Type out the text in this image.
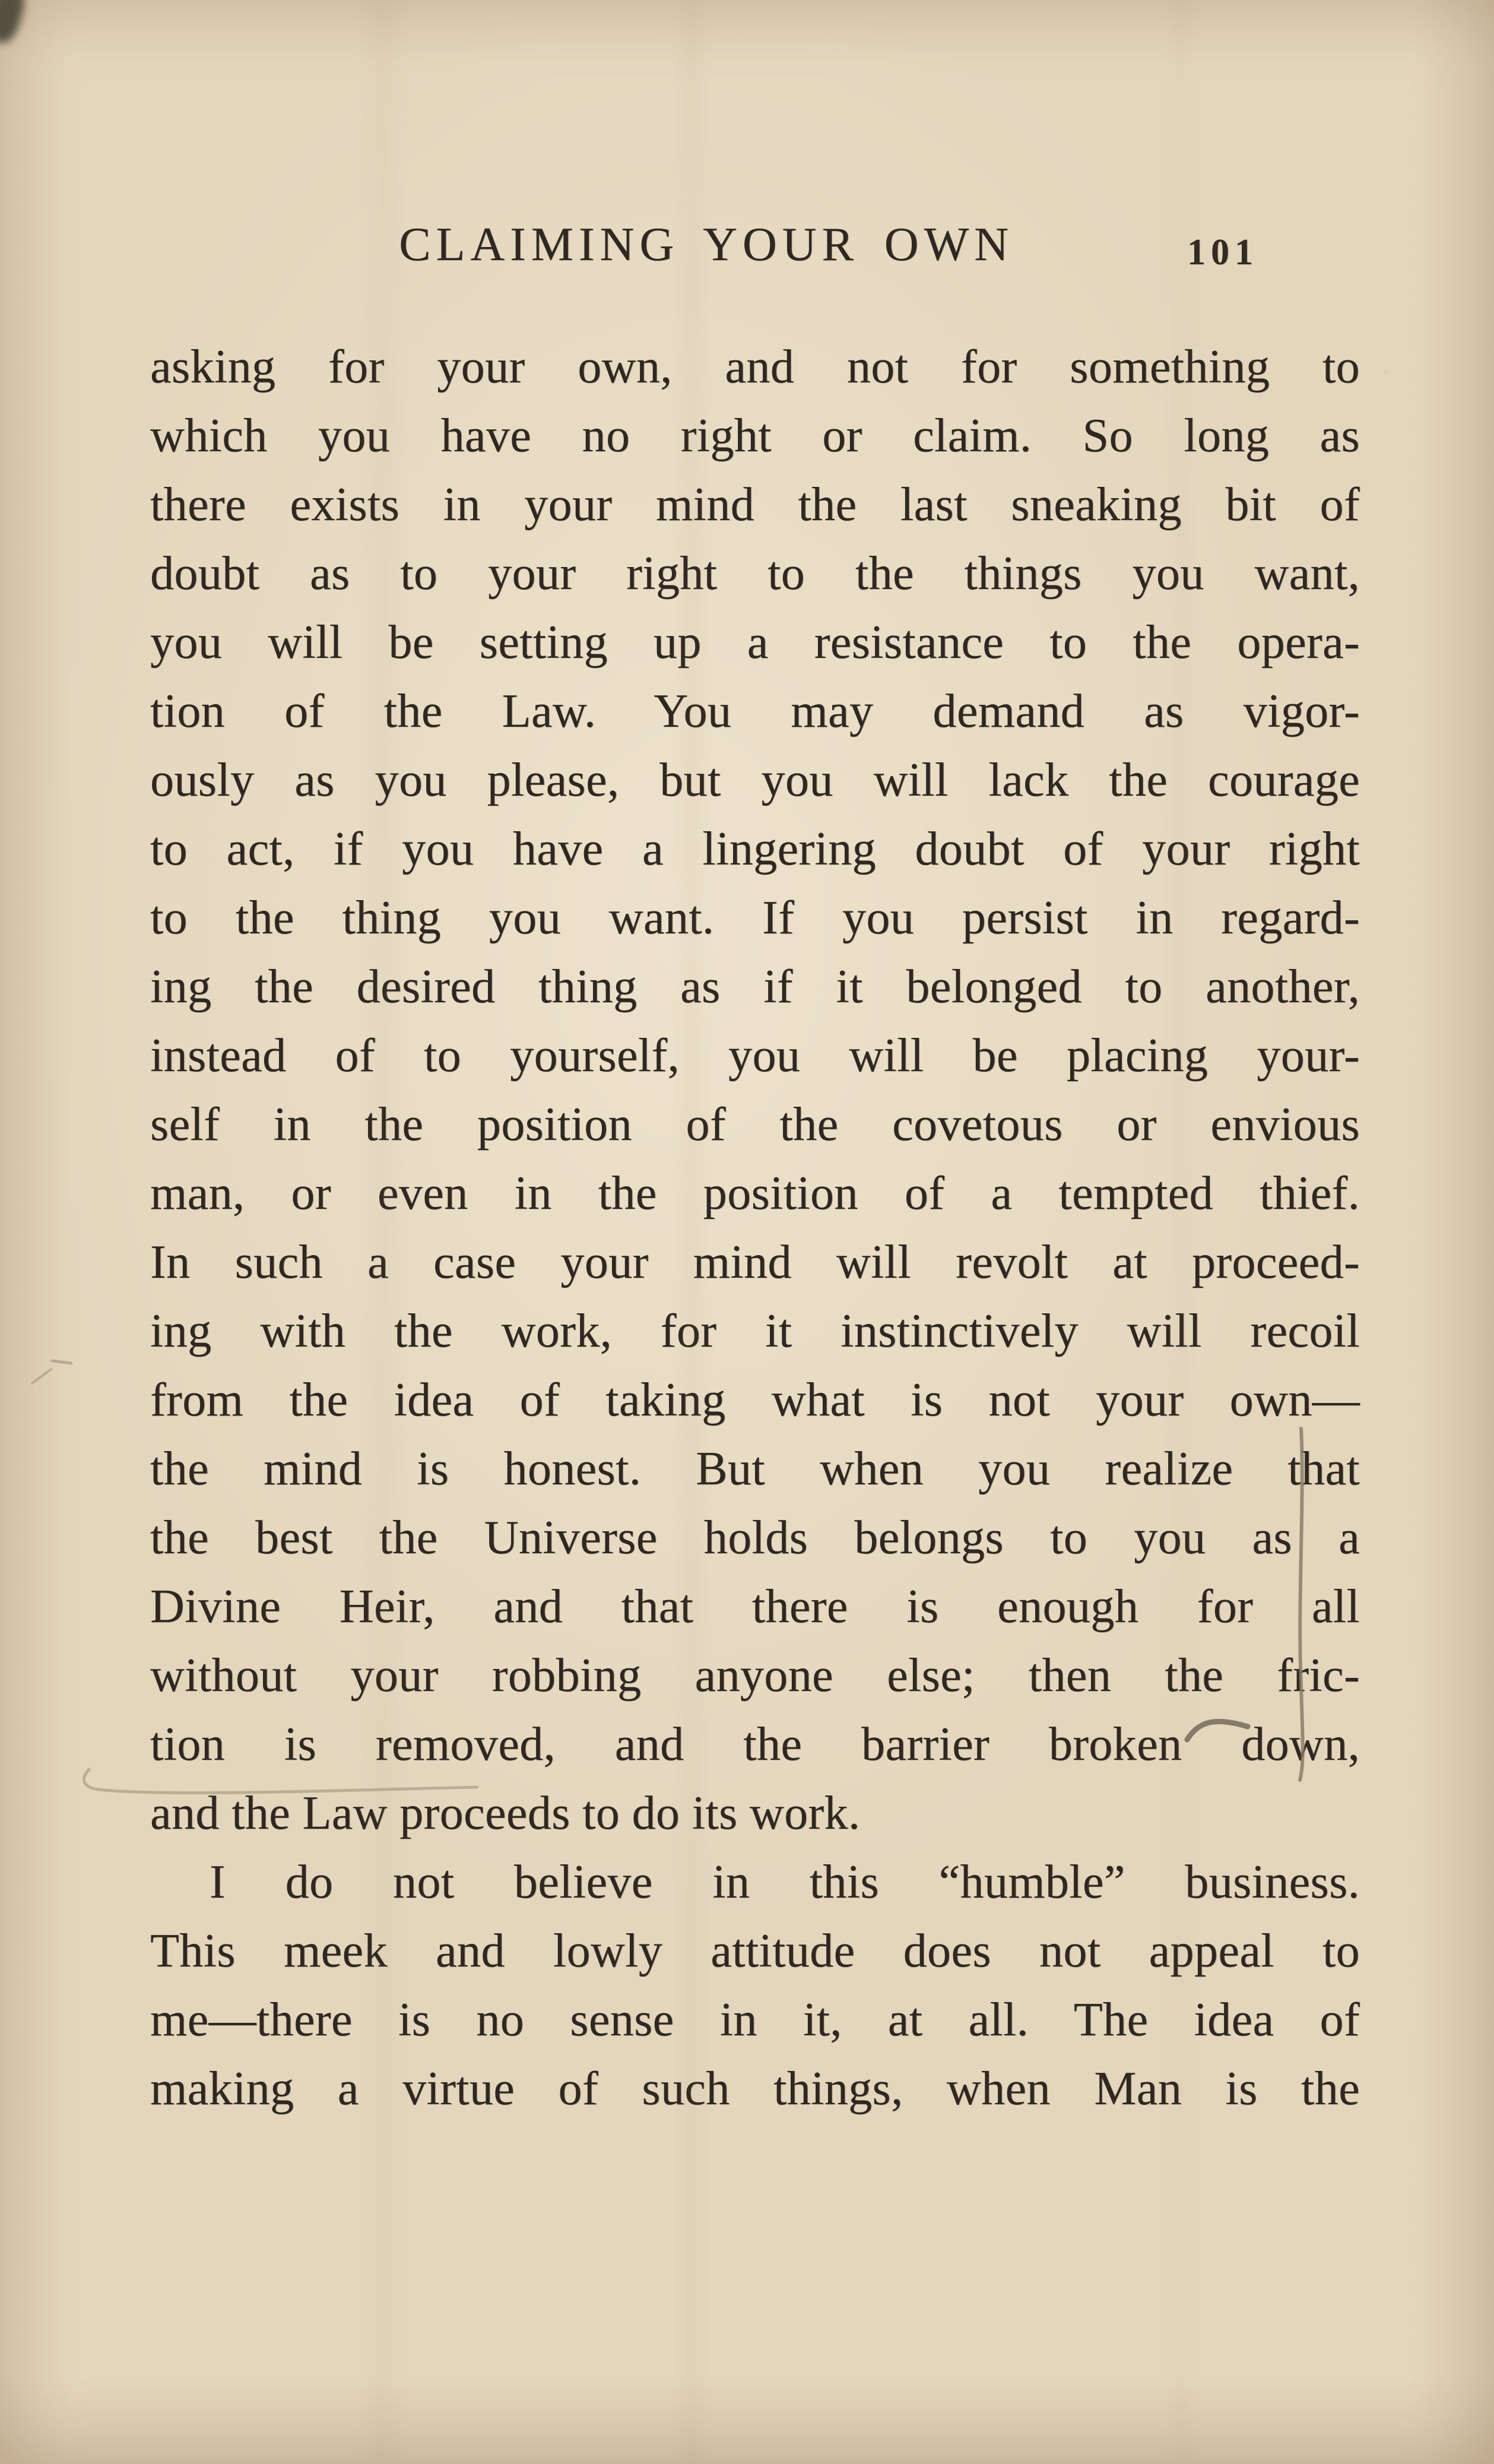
CLAIMING YOUR OWN	101
asking for your own, and not for something to
which you have no right or claim. So long as
there exists in your mind the last sneaking bit of
doubt as to your right to the things you want,
you will be setting up a resistance to the opera-
tion of the Law. You may demand as vigor-
ously as you please, but you will lack the courage
to act, if you have a lingering doubt of your right
to the thing you want. If you persist in regard-
ing the desired thing as if it belonged to another,
instead of to yourself, you will be placing your-
self in the position of the covetous or envious
man, or even in the position of a tempted thief.
In such a case your mind will revolt at proceed-
ing with the work, for it instinctively will recoil
from the idea of taking what is not your own—
the mind is honest. But when you realize that
the best the Universe holds belongs to you as a
Divine Heir, and that there is enough for all
without your robbing anyone else; then the fric-
tion is removed, and the barrier broken down,
and the Law proceeds to do its work.
I do not believe in this “humble” business.
This meek and lowly attitude does not appeal to
me—there is no sense in it, at all. The idea of
making a virtue of such things, when Man is the
